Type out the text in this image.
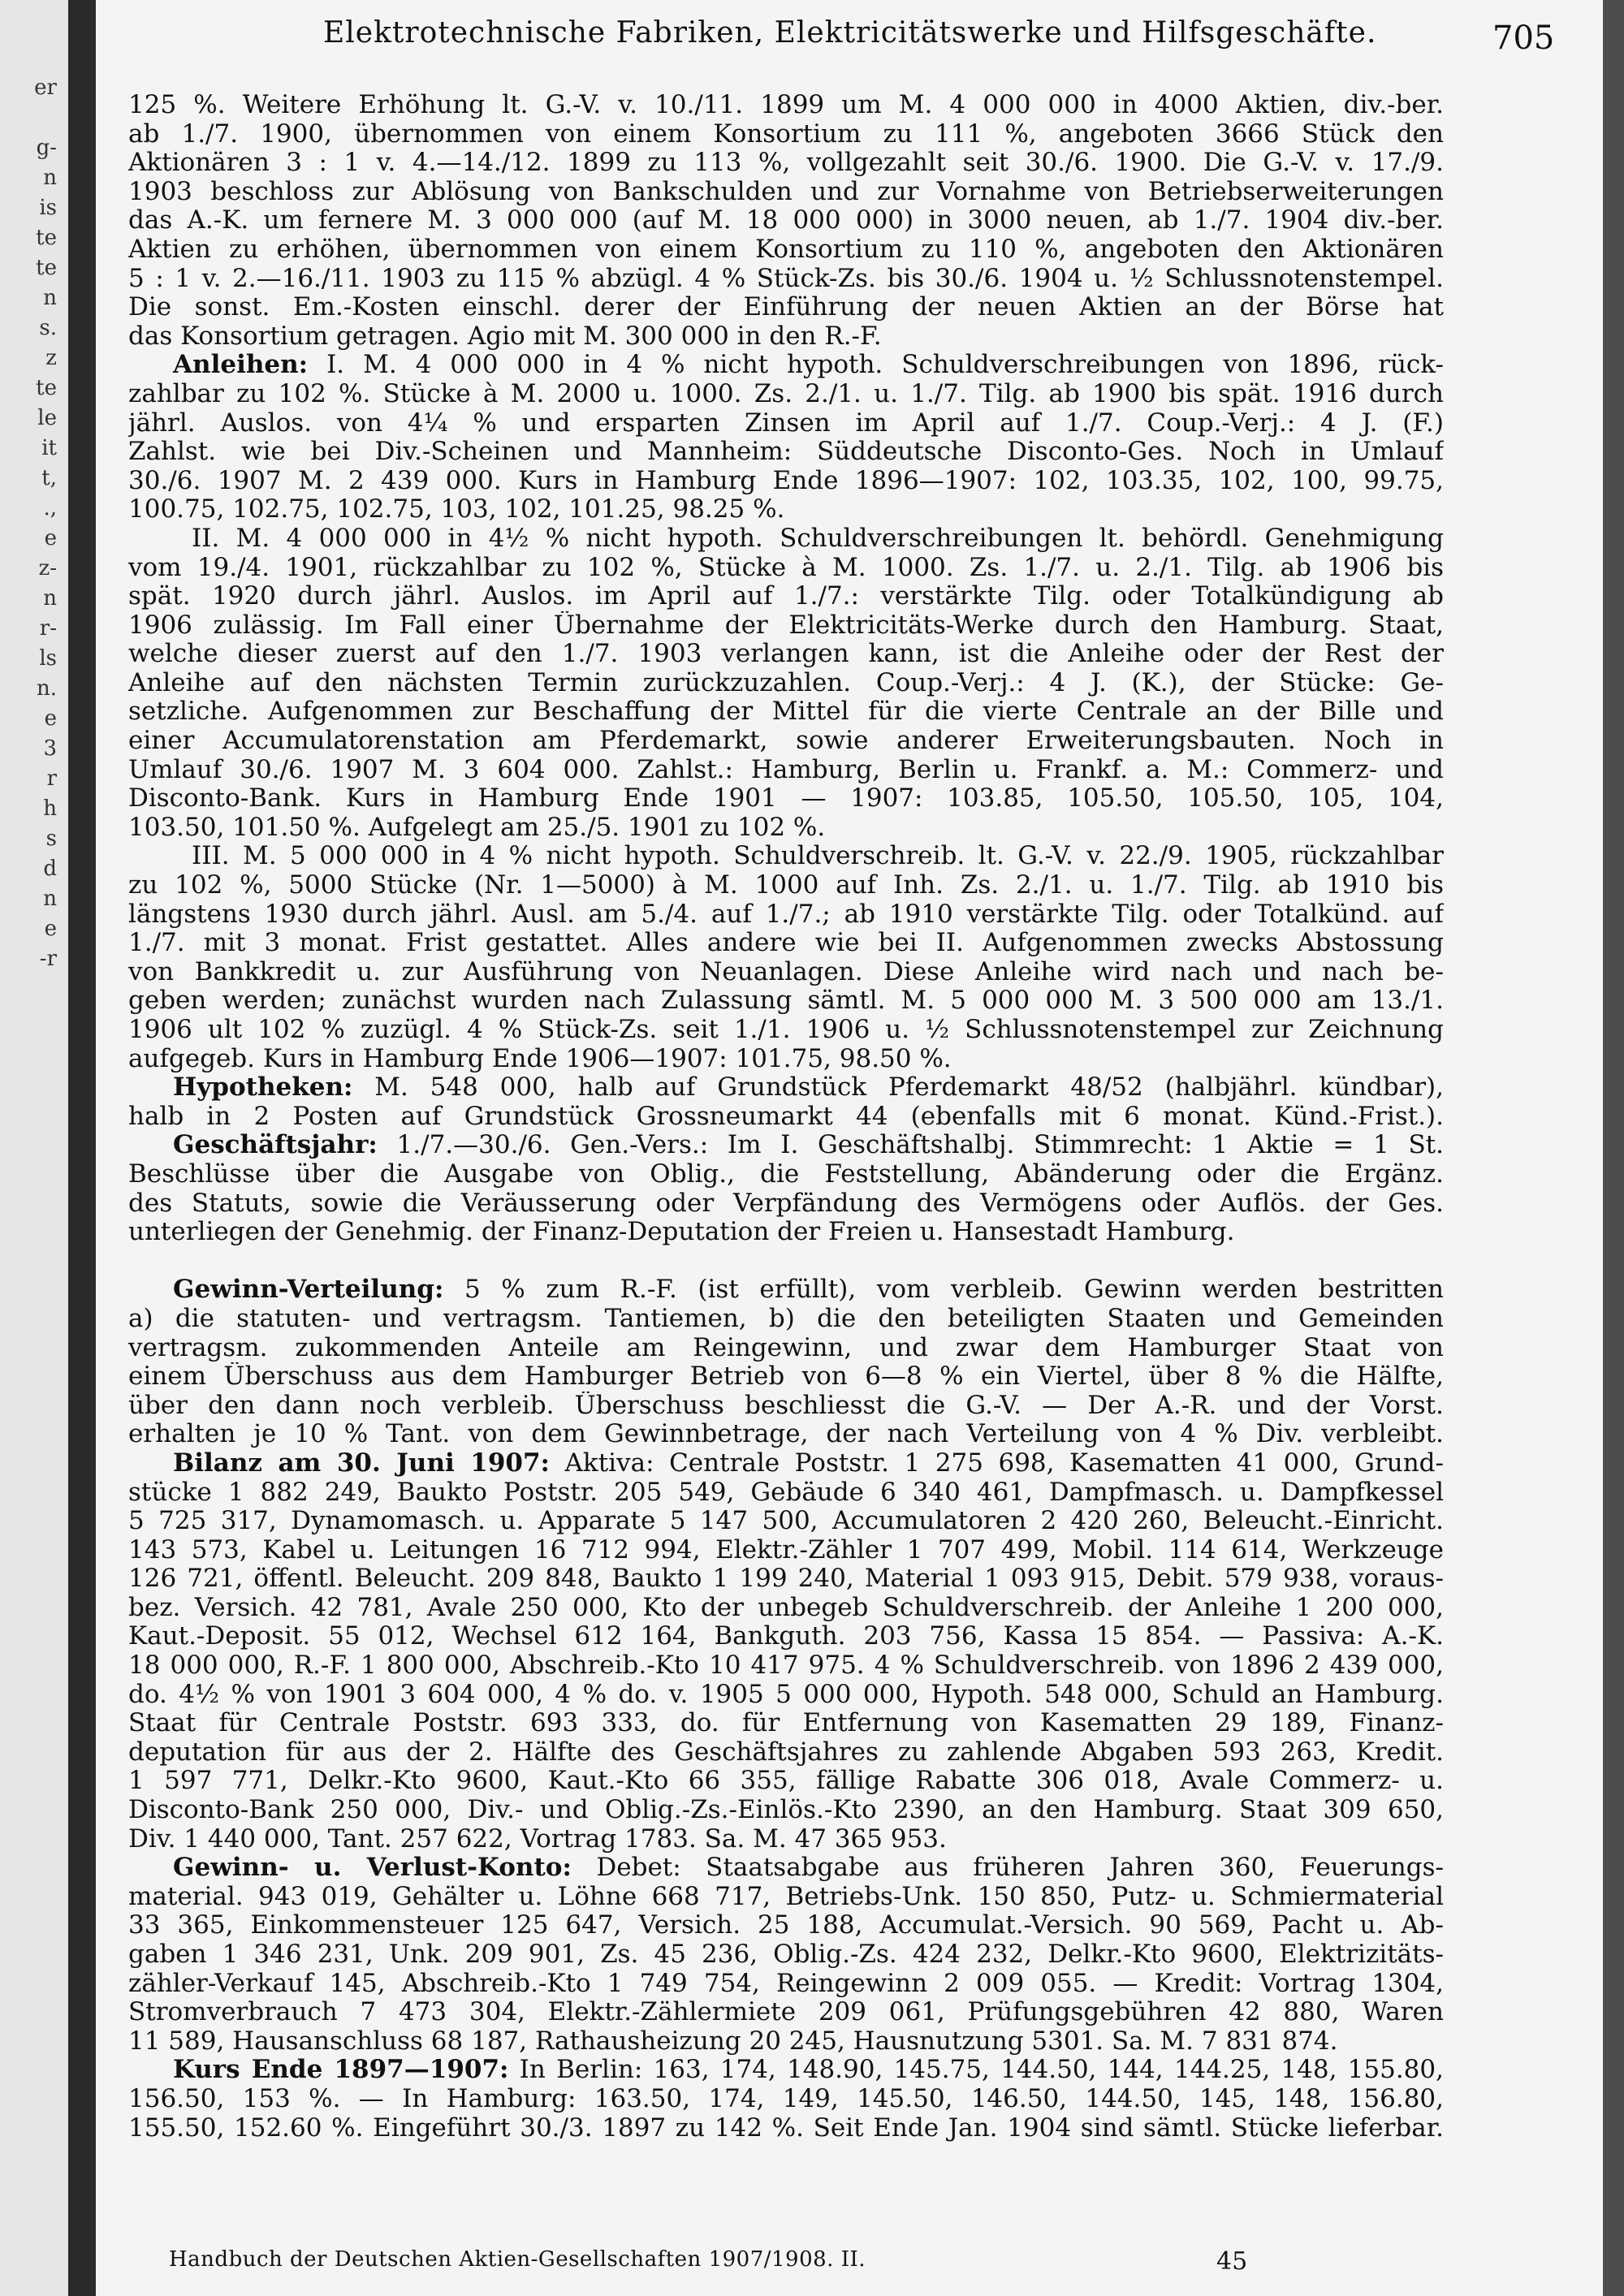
er

g-
n
is
te
te
n
s.
z
te
le
it
t,
.,
e
z-
n
r-
ls
n.
e
3
r
h
s
d
n
e
-r
Elektrotechnische Fabriken, Elektricitätswerke und Hilfsgeschäfte.	705
125 %. Weitere Erhöhung lt. G.-V. v. 10./11. 1899 um M. 4 000 000 in 4000 Aktien, div.-ber.
ab 1./7. 1900, übernommen von einem Konsortium zu 111 %, angeboten 3666 Stück den
Aktionären 3 : 1 v. 4.—14./12. 1899 zu 113 %, vollgezahlt seit 30./6. 1900. Die G.-V. v. 17./9.
1903 beschloss zur Ablösung von Bankschulden und zur Vornahme von Betriebserweiterungen
das A.-K. um fernere M. 3 000 000 (auf M. 18 000 000) in 3000 neuen, ab 1./7. 1904 div.-ber.
Aktien zu erhöhen, übernommen von einem Konsortium zu 110 %, angeboten den Aktionären
5 : 1 v. 2.—16./11. 1903 zu 115 % abzügl. 4 % Stück-Zs. bis 30./6. 1904 u. ½ Schlussnotenstempel.
Die sonst. Em.-Kosten einschl. derer der Einführung der neuen Aktien an der Börse hat
das Konsortium getragen. Agio mit M. 300 000 in den R.-F.
Anleihen: I. M. 4 000 000 in 4 % nicht hypoth. Schuldverschreibungen von 1896, rück-
zahlbar zu 102 %. Stücke à M. 2000 u. 1000. Zs. 2./1. u. 1./7. Tilg. ab 1900 bis spät. 1916 durch
jährl. Auslos. von 4¼ % und ersparten Zinsen im April auf 1./7. Coup.-Verj.: 4 J. (F.)
Zahlst. wie bei Div.-Scheinen und Mannheim: Süddeutsche Disconto-Ges. Noch in Umlauf
30./6. 1907 M. 2 439 000. Kurs in Hamburg Ende 1896—1907: 102, 103.35, 102, 100, 99.75,
100.75, 102.75, 102.75, 103, 102, 101.25, 98.25 %.
II. M. 4 000 000 in 4½ % nicht hypoth. Schuldverschreibungen lt. behördl. Genehmigung
vom 19./4. 1901, rückzahlbar zu 102 %, Stücke à M. 1000. Zs. 1./7. u. 2./1. Tilg. ab 1906 bis
spät. 1920 durch jährl. Auslos. im April auf 1./7.: verstärkte Tilg. oder Totalkündigung ab
1906 zulässig. Im Fall einer Übernahme der Elektricitäts-Werke durch den Hamburg. Staat,
welche dieser zuerst auf den 1./7. 1903 verlangen kann, ist die Anleihe oder der Rest der
Anleihe auf den nächsten Termin zurückzuzahlen. Coup.-Verj.: 4 J. (K.), der Stücke: Ge-
setzliche. Aufgenommen zur Beschaffung der Mittel für die vierte Centrale an der Bille und
einer Accumulatorenstation am Pferdemarkt, sowie anderer Erweiterungsbauten. Noch in
Umlauf 30./6. 1907 M. 3 604 000. Zahlst.: Hamburg, Berlin u. Frankf. a. M.: Commerz- und
Disconto-Bank. Kurs in Hamburg Ende 1901 — 1907: 103.85, 105.50, 105.50, 105, 104,
103.50, 101.50 %. Aufgelegt am 25./5. 1901 zu 102 %.
III. M. 5 000 000 in 4 % nicht hypoth. Schuldverschreib. lt. G.-V. v. 22./9. 1905, rückzahlbar
zu 102 %, 5000 Stücke (Nr. 1—5000) à M. 1000 auf Inh. Zs. 2./1. u. 1./7. Tilg. ab 1910 bis
längstens 1930 durch jährl. Ausl. am 5./4. auf 1./7.; ab 1910 verstärkte Tilg. oder Totalkünd. auf
1./7. mit 3 monat. Frist gestattet. Alles andere wie bei II. Aufgenommen zwecks Abstossung
von Bankkredit u. zur Ausführung von Neuanlagen. Diese Anleihe wird nach und nach be-
geben werden; zunächst wurden nach Zulassung sämtl. M. 5 000 000 M. 3 500 000 am 13./1.
1906 ult 102 % zuzügl. 4 % Stück-Zs. seit 1./1. 1906 u. ½ Schlussnotenstempel zur Zeichnung
aufgegeb. Kurs in Hamburg Ende 1906—1907: 101.75, 98.50 %.
Hypotheken: M. 548 000, halb auf Grundstück Pferdemarkt 48/52 (halbjährl. kündbar),
halb in 2 Posten auf Grundstück Grossneumarkt 44 (ebenfalls mit 6 monat. Künd.-Frist.).
Geschäftsjahr: 1./7.—30./6. Gen.-Vers.: Im I. Geschäftshalbj. Stimmrecht: 1 Aktie = 1 St.
Beschlüsse über die Ausgabe von Oblig., die Feststellung, Abänderung oder die Ergänz.
des Statuts, sowie die Veräusserung oder Verpfändung des Vermögens oder Auflös. der Ges.
unterliegen der Genehmig. der Finanz-Deputation der Freien u. Hansestadt Hamburg.

Gewinn-Verteilung: 5 % zum R.-F. (ist erfüllt), vom verbleib. Gewinn werden bestritten
a) die statuten- und vertragsm. Tantiemen, b) die den beteiligten Staaten und Gemeinden
vertragsm. zukommenden Anteile am Reingewinn, und zwar dem Hamburger Staat von
einem Überschuss aus dem Hamburger Betrieb von 6—8 % ein Viertel, über 8 % die Hälfte,
über den dann noch verbleib. Überschuss beschliesst die G.-V. — Der A.-R. und der Vorst.
erhalten je 10 % Tant. von dem Gewinnbetrage, der nach Verteilung von 4 % Div. verbleibt.
Bilanz am 30. Juni 1907: Aktiva: Centrale Poststr. 1 275 698, Kasematten 41 000, Grund-
stücke 1 882 249, Baukto Poststr. 205 549, Gebäude 6 340 461, Dampfmasch. u. Dampfkessel
5 725 317, Dynamomasch. u. Apparate 5 147 500, Accumulatoren 2 420 260, Beleucht.-Einricht.
143 573, Kabel u. Leitungen 16 712 994, Elektr.-Zähler 1 707 499, Mobil. 114 614, Werkzeuge
126 721, öffentl. Beleucht. 209 848, Baukto 1 199 240, Material 1 093 915, Debit. 579 938, voraus-
bez. Versich. 42 781, Avale 250 000, Kto der unbegeb Schuldverschreib. der Anleihe 1 200 000,
Kaut.-Deposit. 55 012, Wechsel 612 164, Bankguth. 203 756, Kassa 15 854. — Passiva: A.-K.
18 000 000, R.-F. 1 800 000, Abschreib.-Kto 10 417 975. 4 % Schuldverschreib. von 1896 2 439 000,
do. 4½ % von 1901 3 604 000, 4 % do. v. 1905 5 000 000, Hypoth. 548 000, Schuld an Hamburg.
Staat für Centrale Poststr. 693 333, do. für Entfernung von Kasematten 29 189, Finanz-
deputation für aus der 2. Hälfte des Geschäftsjahres zu zahlende Abgaben 593 263, Kredit.
1 597 771, Delkr.-Kto 9600, Kaut.-Kto 66 355, fällige Rabatte 306 018, Avale Commerz- u.
Disconto-Bank 250 000, Div.- und Oblig.-Zs.-Einlös.-Kto 2390, an den Hamburg. Staat 309 650,
Div. 1 440 000, Tant. 257 622, Vortrag 1783. Sa. M. 47 365 953.
Gewinn- u. Verlust-Konto: Debet: Staatsabgabe aus früheren Jahren 360, Feuerungs-
material. 943 019, Gehälter u. Löhne 668 717, Betriebs-Unk. 150 850, Putz- u. Schmiermaterial
33 365, Einkommensteuer 125 647, Versich. 25 188, Accumulat.-Versich. 90 569, Pacht u. Ab-
gaben 1 346 231, Unk. 209 901, Zs. 45 236, Oblig.-Zs. 424 232, Delkr.-Kto 9600, Elektrizitäts-
zähler-Verkauf 145, Abschreib.-Kto 1 749 754, Reingewinn 2 009 055. — Kredit: Vortrag 1304,
Stromverbrauch 7 473 304, Elektr.-Zählermiete 209 061, Prüfungsgebühren 42 880, Waren
11 589, Hausanschluss 68 187, Rathausheizung 20 245, Hausnutzung 5301. Sa. M. 7 831 874.
Kurs Ende 1897—1907: In Berlin: 163, 174, 148.90, 145.75, 144.50, 144, 144.25, 148, 155.80,
156.50, 153 %. — In Hamburg: 163.50, 174, 149, 145.50, 146.50, 144.50, 145, 148, 156.80,
155.50, 152.60 %. Eingeführt 30./3. 1897 zu 142 %. Seit Ende Jan. 1904 sind sämtl. Stücke lieferbar.
Handbuch der Deutschen Aktien-Gesellschaften 1907/1908. II.	45
